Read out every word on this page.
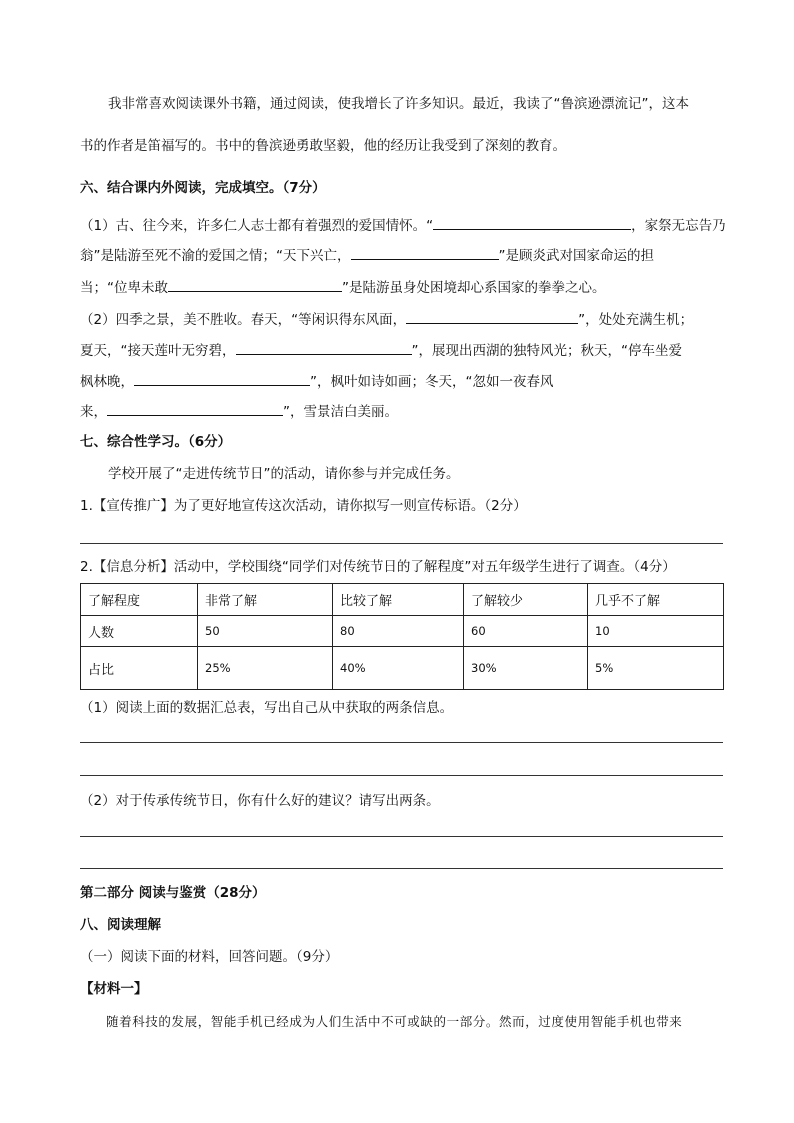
我非常喜欢阅读课外书籍，通过阅读，使我增长了许多知识。最近，我读了“鲁滨逊漂流记”，这本
书的作者是笛福写的。书中的鲁滨逊勇敢坚毅，他的经历让我受到了深刻的教育。
六、结合课内外阅读，完成填空。（7分）
（1）古、往今来，许多仁人志士都有着强烈的爱国情怀。“	，家祭无忘告乃
翁”是陆游至死不渝的爱国之情；“天下兴亡，	”是顾炎武对国家命运的担
当；“位卑未敢	”是陆游虽身处困境却心系国家的拳拳之心。
（2）四季之景，美不胜收。春天，“等闲识得东风面，	”，处处充满生机；
夏天，“接天莲叶无穷碧，	”，展现出西湖的独特风光；秋天，“停车坐爱
枫林晚，	”，枫叶如诗如画；冬天，“忽如一夜春风
来，	”，雪景洁白美丽。
七、综合性学习。（6分）
学校开展了“走进传统节日”的活动，请你参与并完成任务。
1.【宣传推广】为了更好地宣传这次活动，请你拟写一则宣传标语。（2分）
2.【信息分析】活动中，学校围绕“同学们对传统节日的了解程度”对五年级学生进行了调查。（4分）
了解程度	非常了解	比较了解	了解较少	几乎不了解
人数	50	80	60	10
占比	25%	40%	30%	5%
（1）阅读上面的数据汇总表，写出自己从中获取的两条信息。
（2）对于传承传统节日，你有什么好的建议？请写出两条。
第二部分 阅读与鉴赏（28分）
八、阅读理解
（一）阅读下面的材料，回答问题。（9分）
【材料一】
随着科技的发展，智能手机已经成为人们生活中不可或缺的一部分。然而，过度使用智能手机也带来
